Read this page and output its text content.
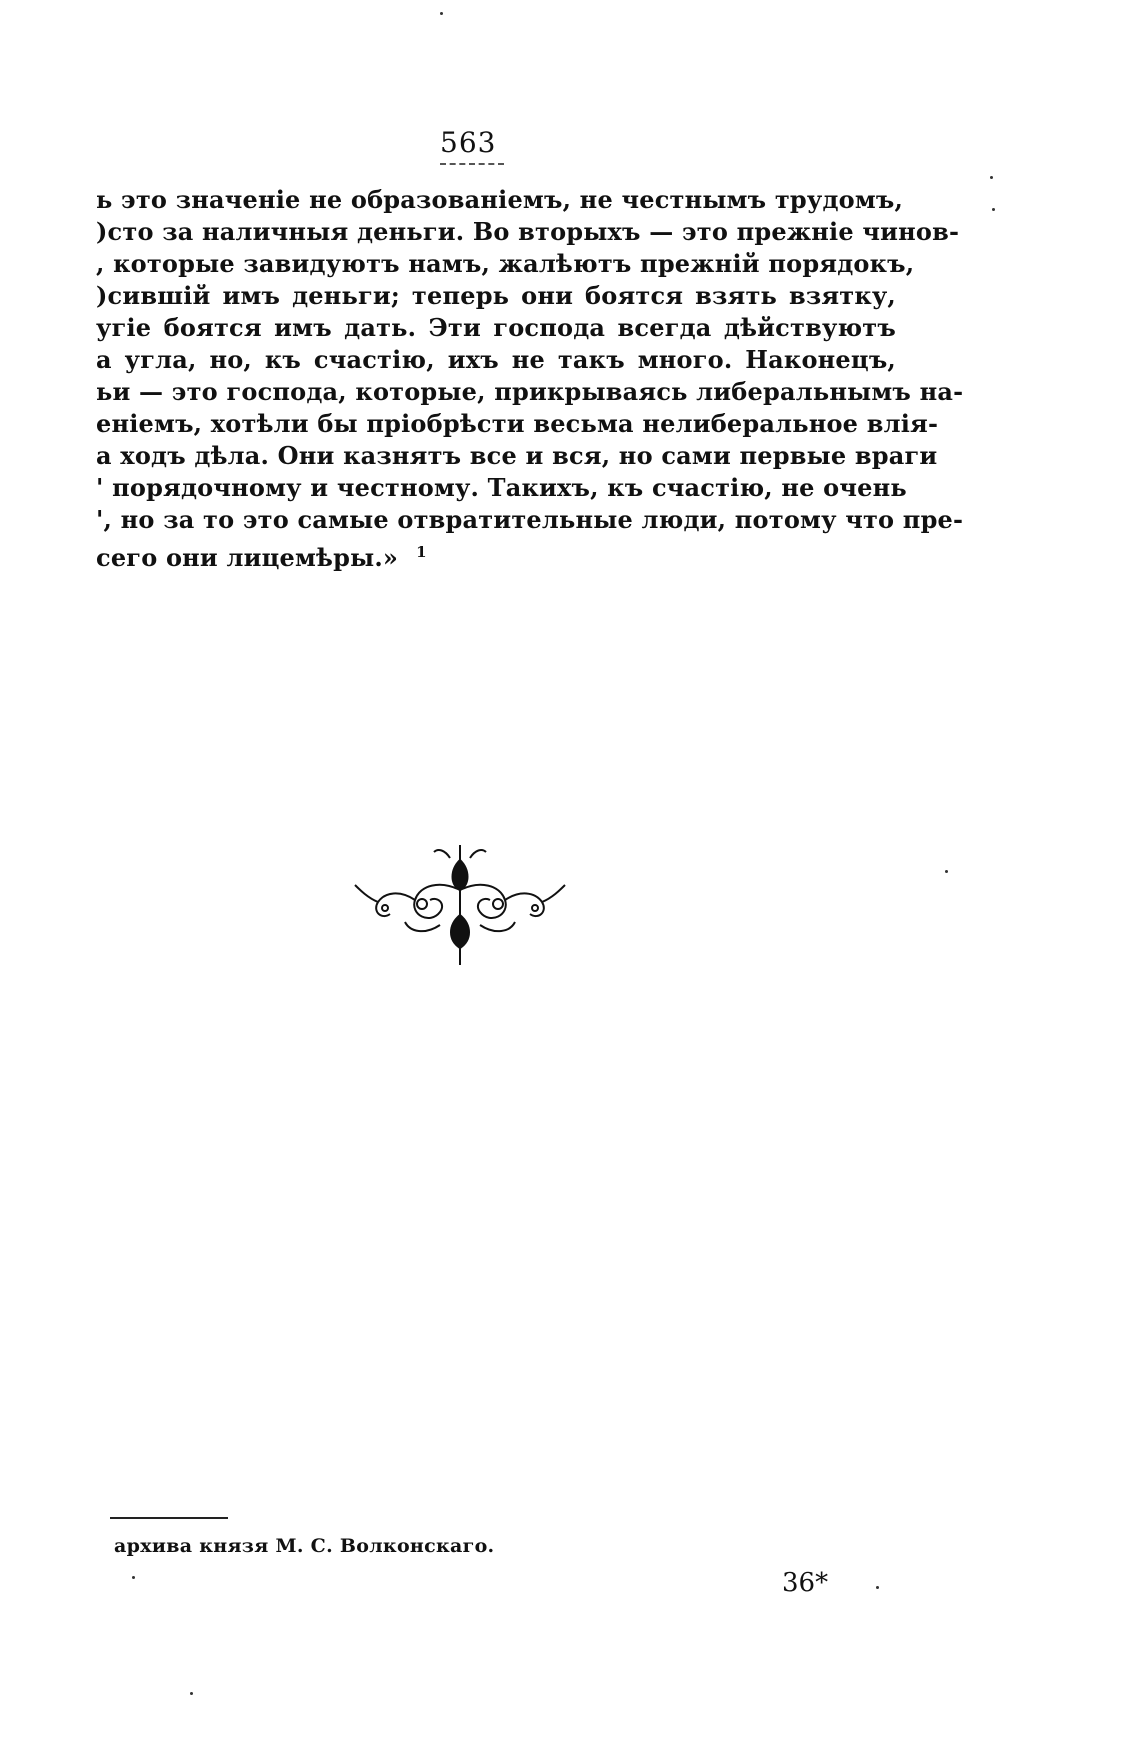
563
ь это значеніе не образованіемъ, не честнымъ трудомъ,
)сто за наличныя деньги. Во вторыхъ — это прежніе чинов-
, которые завидуютъ намъ, жалѣютъ прежній порядокъ,
)сившій имъ деньги; теперь они боятся взять взятку,
угіе боятся имъ дать. Эти господа всегда дѣйствуютъ
а угла, но, къ счастію, ихъ не такъ много. Наконецъ,
ьи — это господа, которые, прикрываясь либеральнымъ на-
еніемъ, хотѣли бы пріобрѣсти весьма нелиберальное влія-
а ходъ дѣла. Они казнятъ все и вся, но сами первые враги
' порядочному и честному. Такихъ, къ счастію, не очень
', но за то это самые отвратительные люди, потому что пре-
сего они лицемѣры.» $^1$
архива князя М. С. Волконскаго.
36*
